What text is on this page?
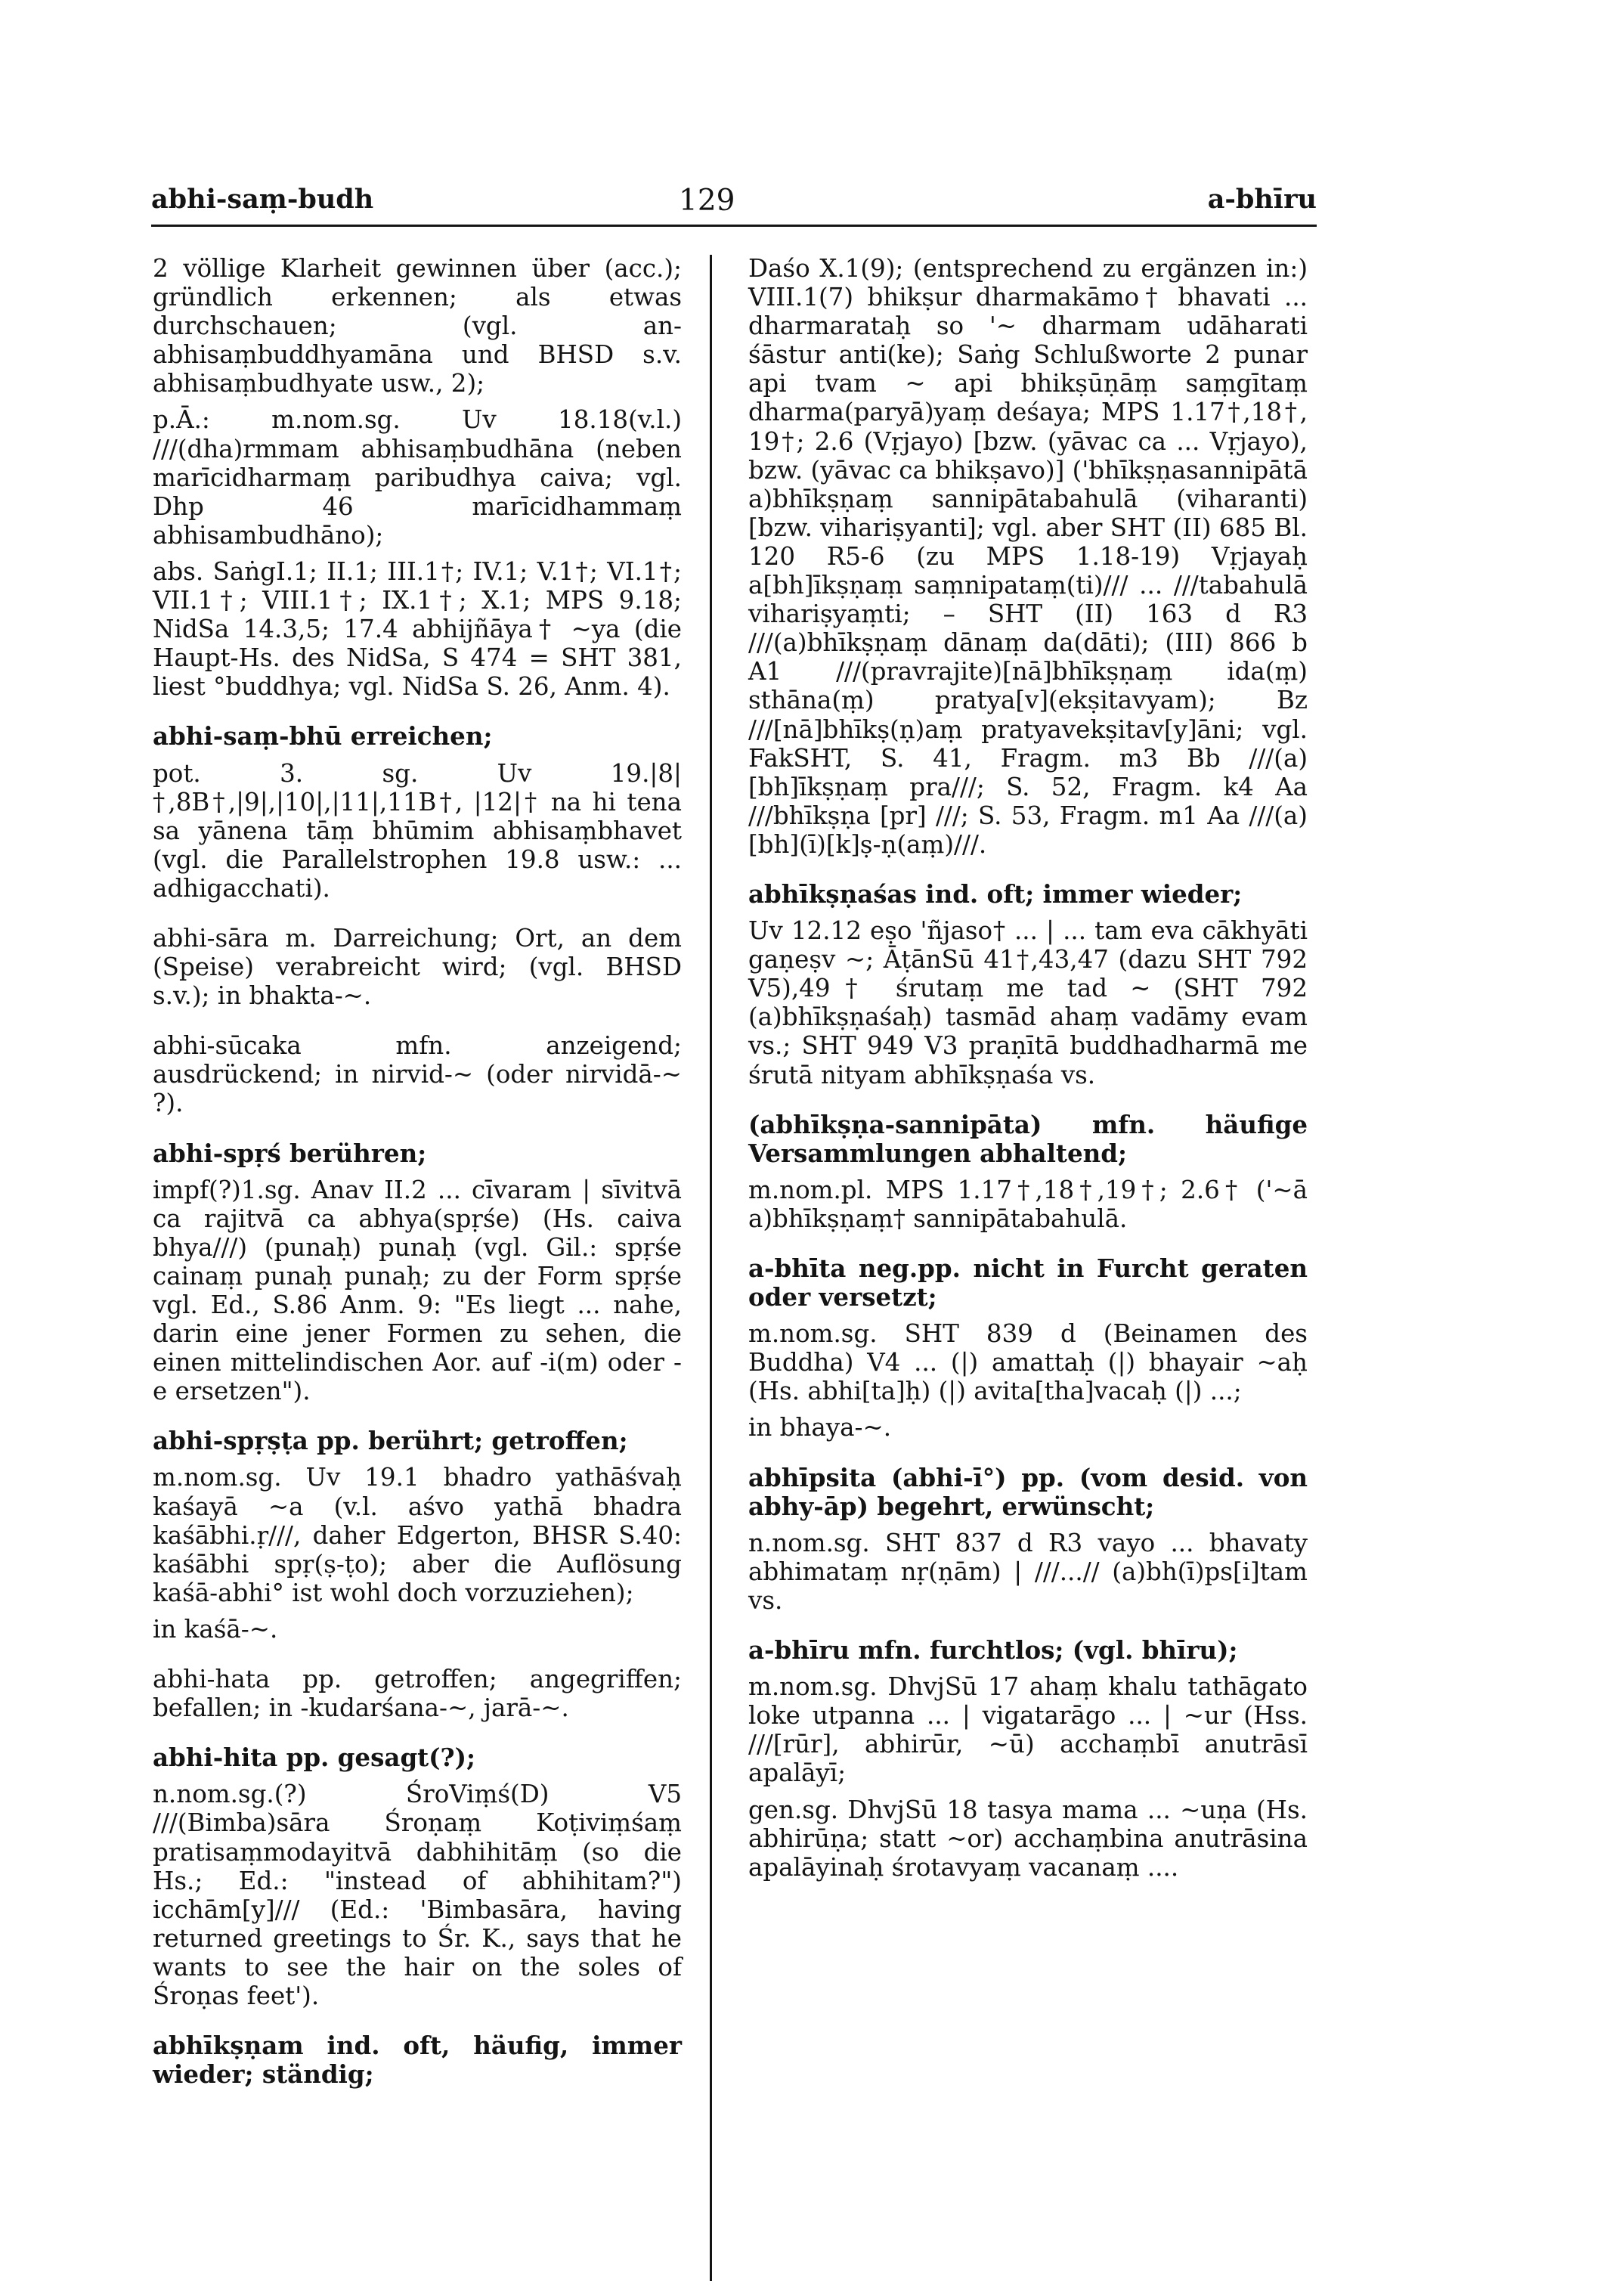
abhi-saṃ-budh	129	a-bhīru
2 völlige Klarheit gewinnen über (acc.); gründlich erkennen; als etwas durchschauen; (vgl. an-abhisaṃbuddhyamāna und BHSD s.v. abhisaṃbudhyate usw., 2);
p.Ā.: m.nom.sg. Uv 18.18(v.l.) ///(dha)rmmam abhisaṃbudhāna (neben marīcidharmaṃ paribudhya caiva; vgl. Dhp 46 marīcidhammaṃ abhisambudhāno);
abs. SaṅgI.1; II.1; III.1†; IV.1; V.1†; VI.1†; VII.1†; VIII.1†; IX.1†; X.1; MPS 9.18; NidSa 14.3,5; 17.4 abhijñāya† ~ya (die Haupt-Hs. des NidSa, S 474 = SHT 381, liest °buddhya; vgl. NidSa S. 26, Anm. 4).
abhi-saṃ-bhū erreichen;
pot. 3. sg. Uv 19.|8|†,8B†,|9|,|10|,|11|,11B†, |12|† na hi tena sa yānena tāṃ bhūmim abhisaṃbhavet (vgl. die Parallelstrophen 19.8 usw.: ... adhigacchati).
abhi-sāra m. Darreichung; Ort, an dem (Speise) verabreicht wird; (vgl. BHSD s.v.); in bhakta-~.
abhi-sūcaka mfn. anzeigend; ausdrückend; in nirvid-~ (oder nirvidā-~ ?).
abhi-spṛś berühren;
impf(?)1.sg. Anav II.2 ... cīvaram | sīvitvā ca rajitvā ca abhya(spṛśe) (Hs. caiva bhya///) (punaḥ) punaḥ (vgl. Gil.: spṛśe cainaṃ punaḥ punaḥ; zu der Form spṛśe vgl. Ed., S.86 Anm. 9: "Es liegt ... nahe, darin eine jener Formen zu sehen, die einen mittelindischen Aor. auf -i(m) oder -e ersetzen").
abhi-spṛṣṭa pp. berührt; getroffen;
m.nom.sg. Uv 19.1 bhadro yathāśvaḥ kaśayā ~a (v.l. aśvo yathā bhadra kaśābhi.ṛ///, daher Edgerton, BHSR S.40: kaśābhi spṛ(ṣ-ṭo); aber die Auflösung kaśā-abhi° ist wohl doch vorzuziehen);
in kaśā-~.
abhi-hata pp. getroffen; angegriffen; befallen; in -kudarśana-~, jarā-~.
abhi-hita pp. gesagt(?);
n.nom.sg.(?) ŚroViṃś(D) V5 ///(Bimba)sāra Śroṇaṃ Koṭiviṃśaṃ pratisaṃmodayitvā dabhihitāṃ (so die Hs.; Ed.: "instead of abhihitam?") icchām[y]/// (Ed.: 'Bimbasāra, having returned greetings to Śr. K., says that he wants to see the hair on the soles of Śroṇas feet').
abhīkṣṇam ind. oft, häufig, immer wieder; ständig;
Daśo X.1(9); (entsprechend zu ergänzen in:) VIII.1(7) bhikṣur dharmakāmo† bhavati ... dharmarataḥ so '~ dharmam udāharati śāstur anti(ke); Saṅg Schlußworte 2 punar api tvam ~ api bhikṣūṇāṃ saṃgītaṃ dharma(paryā)yaṃ deśaya; MPS 1.17†,18†, 19†; 2.6 (Vṛjayo) [bzw. (yāvac ca ... Vṛjayo), bzw. (yāvac ca bhikṣavo)] ('bhīkṣṇasannipātā a)bhīkṣṇaṃ sannipātabahulā (viharanti) [bzw. vihariṣyanti]; vgl. aber SHT (II) 685 Bl. 120 R5-6 (zu MPS 1.18-19) Vṛjayaḥ a[bh]īkṣṇaṃ saṃnipataṃ(ti)/// ... ///tabahulā vihariṣyaṃti; – SHT (II) 163 d R3 ///(a)bhīkṣṇaṃ dānaṃ da(dāti); (III) 866 b A1 ///(pravrajite)[nā]bhīkṣṇaṃ ida(ṃ) sthāna(ṃ) pratya[v](ekṣitavyam); Bz ///[nā]bhīkṣ(ṇ)aṃ pratyavekṣitav[y]āni; vgl. FakSHT, S. 41, Fragm. m3 Bb ///(a)[bh]īkṣṇaṃ pra///; S. 52, Fragm. k4 Aa ///bhīkṣṇa [pr] ///; S. 53, Fragm. m1 Aa ///(a)[bh](ī)[k]ṣ-ṇ(aṃ)///.
abhīkṣṇaśas ind. oft; immer wieder;
Uv 12.12 eṣo 'ñjaso† ... | ... tam eva cākhyāti gaṇeṣv ~; ĀṭānSū 41†,43,47 (dazu SHT 792 V5),49† śrutaṃ me tad ~ (SHT 792 (a)bhīkṣṇaśaḥ) tasmād ahaṃ vadāmy evam vs.; SHT 949 V3 praṇītā buddhadharmā me śrutā nityam abhīkṣṇaśa vs.
(abhīkṣṇa-sannipāta) mfn. häufige Versammlungen abhaltend;
m.nom.pl. MPS 1.17†,18†,19†; 2.6† ('~ā a)bhīkṣṇaṃ† sannipātabahulā.
a-bhīta neg.pp. nicht in Furcht geraten oder versetzt;
m.nom.sg. SHT 839 d (Beinamen des Buddha) V4 ... (|) amattaḥ (|) bhayair ~aḥ (Hs. abhi[ta]ḥ) (|) avita[tha]vacaḥ (|) ...;
in bhaya-~.
abhīpsita (abhi-ī°) pp. (vom desid. von abhy-āp) begehrt, erwünscht;
n.nom.sg. SHT 837 d R3 vayo ... bhavaty abhimataṃ nṛ(ṇām) | ///...// (a)bh(ī)ps[i]tam vs.
a-bhīru mfn. furchtlos; (vgl. bhīru);
m.nom.sg. DhvjSū 17 ahaṃ khalu tathāgato loke utpanna ... | vigatarāgo ... | ~ur (Hss. ///[rūr], abhirūr, ~ū) acchaṃbī anutrāsī apalāyī;
gen.sg. DhvjSū 18 tasya mama ... ~uṇa (Hs. abhirūṇa; statt ~or) acchaṃbina anutrāsina apalāyinaḥ śrotavyaṃ vacanaṃ ....
